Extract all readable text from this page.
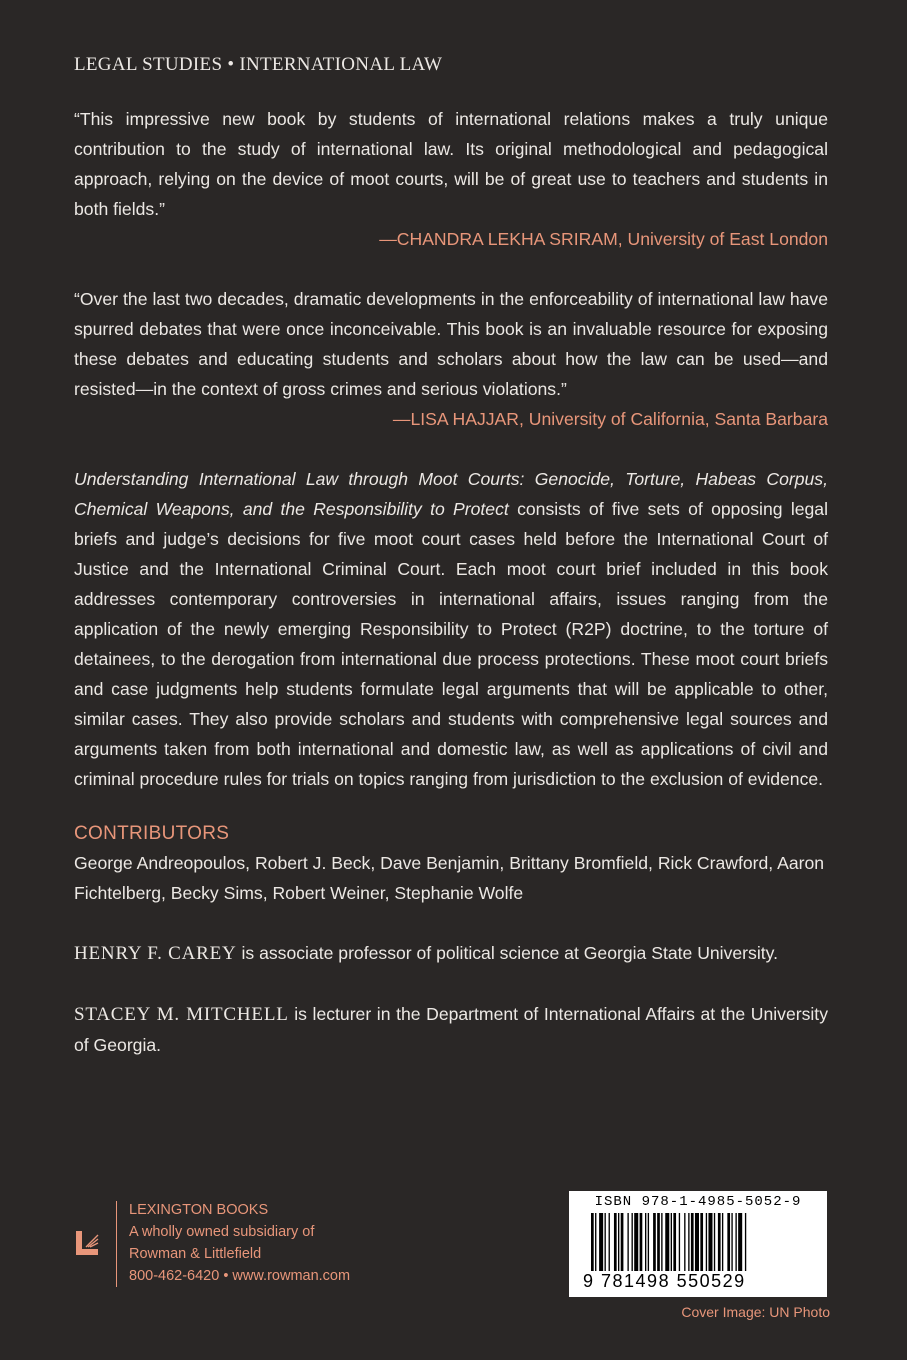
LEGAL STUDIES • INTERNATIONAL LAW

“This impressive new book by students of international relations makes a truly unique contribution to the study of international law. Its original methodological and pedagogical approach, relying on the device of moot courts, will be of great use to teachers and students in both fields.”

—CHANDRA LEKHA SRIRAM, University of East London

“Over the last two decades, dramatic developments in the enforceability of international law have spurred debates that were once inconceivable. This book is an invaluable resource for exposing these debates and educating students and scholars about how the law can be used—and resisted—in the context of gross crimes and serious violations.”

—LISA HAJJAR, University of California, Santa Barbara

Understanding International Law through Moot Courts: Genocide, Torture, Habeas Corpus, Chemical Weapons, and the Responsibility to Protect consists of five sets of opposing legal briefs and judge’s decisions for five moot court cases held before the International Court of Justice and the International Criminal Court. Each moot court brief included in this book addresses contemporary controversies in international affairs, issues ranging from the application of the newly emerging Responsibility to Protect (R2P) doctrine, to the torture of detainees, to the derogation from international due process protections. These moot court briefs and case judgments help students formulate legal arguments that will be applicable to other, similar cases. They also provide scholars and students with comprehensive legal sources and arguments taken from both international and domestic law, as well as applications of civil and criminal procedure rules for trials on topics ranging from jurisdiction to the exclusion of evidence.

CONTRIBUTORS

George Andreopoulos, Robert J. Beck, Dave Benjamin, Brittany Bromfield, Rick Crawford, Aaron Fichtelberg, Becky Sims, Robert Weiner, Stephanie Wolfe

HENRY F. CAREY is associate professor of political science at Georgia State University.

STACEY M. MITCHELL is lecturer in the Department of International Affairs at the University of Georgia.

LEXINGTON BOOKS
A wholly owned subsidiary of
Rowman & Littlefield
800-462-6420 • www.rowman.com
ISBN 978-1-4985-5052-9
9 781498 550529
Cover Image: UN Photo
